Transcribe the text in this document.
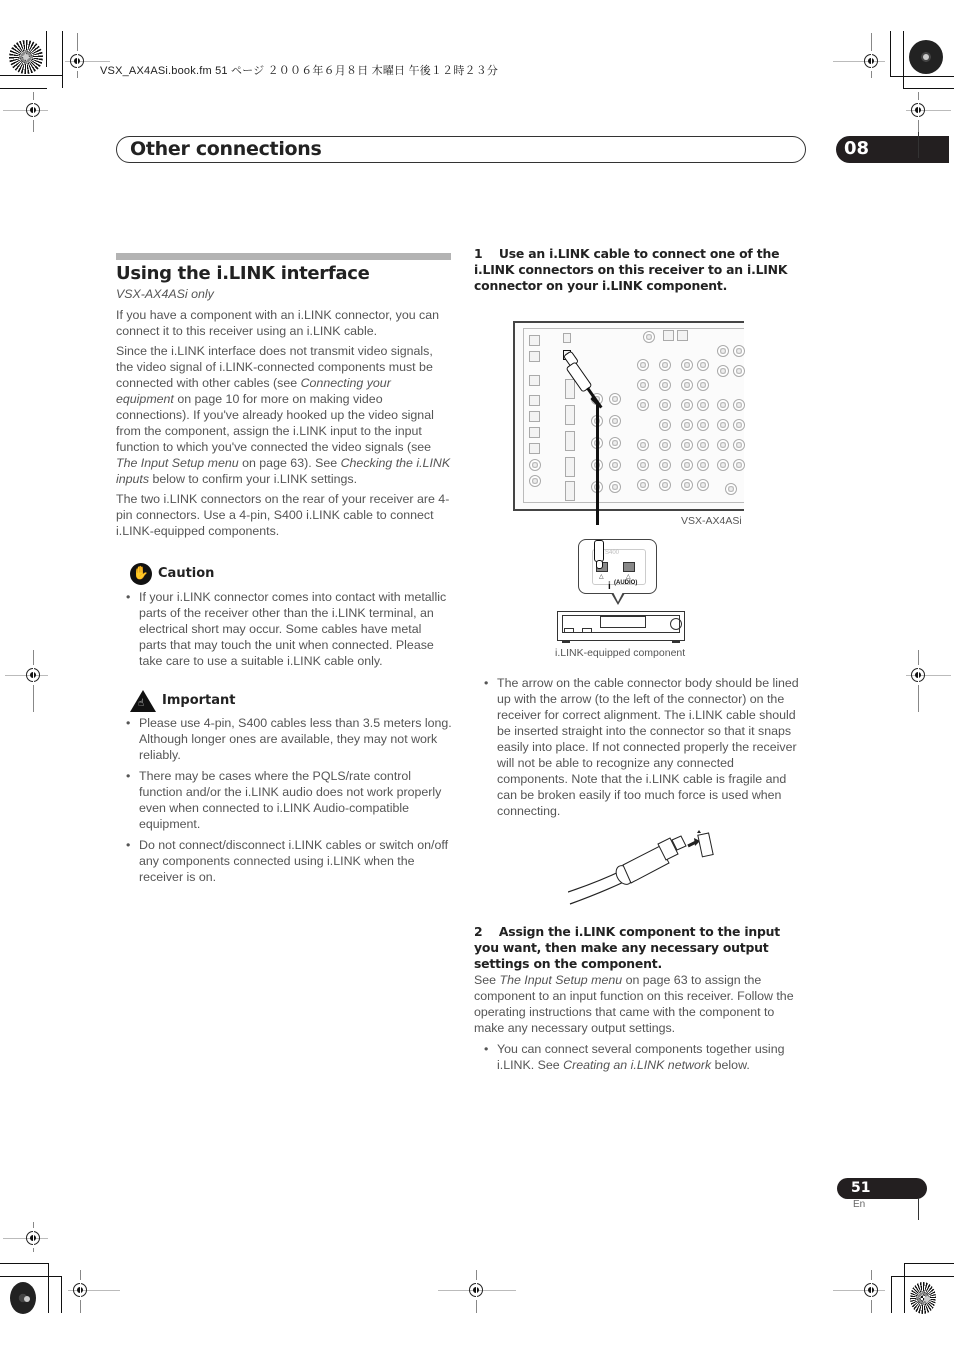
VSX_AX4ASi.book.fm 51 ページ ２００６年６月８日 木曜日 午後１２時２３分
Other connections	08
Using the i.LINK interface

VSX-AX4ASi only

If you have a component with an i.LINK connector, you can connect it to this receiver using an i.LINK cable.

Since the i.LINK interface does not transmit video signals, the video signal of i.LINK-connected components must be connected with other cables (see Connecting your equipment on page 10 for more on making video connections). If you've already hooked up the video signal from the component, assign the i.LINK input to the input function to which you've connected the video signals (see The Input Setup menu on page 63). See Checking the i.LINK inputs below to confirm your i.LINK settings.

The two i.LINK connectors on the rear of your receiver are 4-pin connectors. Use a 4-pin, S400 i.LINK cable to connect i.LINK-equipped components.

✋ Caution
• If your i.LINK connector comes into contact with metallic parts of the receiver other than the i.LINK terminal, an electrical short may occur. Some cables have metal parts that may touch the unit when connected. Please take care to use a suitable i.LINK cable only.
☝ Important
• Please use 4-pin, S400 cables less than 3.5 meters long. Although longer ones are available, they may not work reliably.
• There may be cases where the PQLS/rate control function and/or the i.LINK audio does not work properly even when connected to i.LINK Audio-compatible equipment.
• Do not connect/disconnect i.LINK cables or switch on/off any components connected using i.LINK when the receiver is on.
1 Use an i.LINK cable to connect one of the i.LINK connectors on this receiver to an i.LINK connector on your i.LINK component.
VSX-AX4ASi
S400
△	△
i (AUDIO)
i.LINK-equipped component
• The arrow on the cable connector body should be lined up with the arrow (to the left of the connector) on the receiver for correct alignment. The i.LINK cable should be inserted straight into the connector so that it snaps easily into place. If not connected properly the receiver will not be able to recognize any connected components. Note that the i.LINK cable is fragile and can be broken easily if too much force is used when connecting.
2 Assign the i.LINK component to the input you want, then make any necessary output settings on the component.

See The Input Setup menu on page 63 to assign the component to an input function on this receiver. Follow the operating instructions that came with the component to make any necessary output settings.

• You can connect several components together using i.LINK. See Creating an i.LINK network below.
51
En
